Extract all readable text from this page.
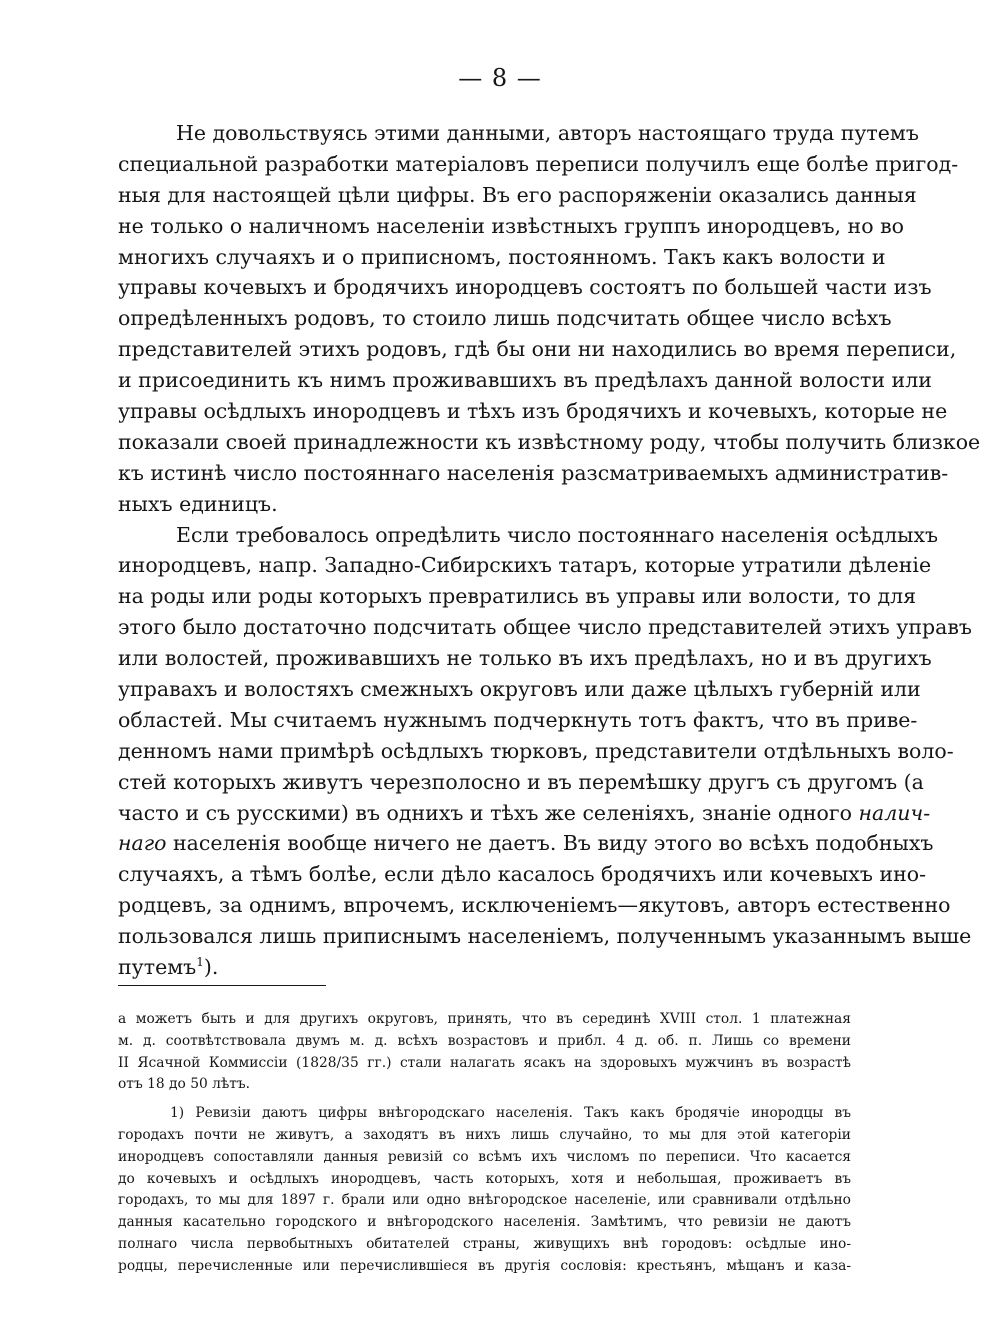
— 8 —
Не довольствуясь этими данными, авторъ настоящаго труда путемъ
специальной разработки матеріаловъ переписи получилъ еще болѣе пригод-
ныя для настоящей цѣли цифры. Въ его распоряженіи оказались данныя
не только о наличномъ населеніи извѣстныхъ группъ инородцевъ, но во
многихъ случаяхъ и о приписномъ, постоянномъ. Такъ какъ волости и
управы кочевыхъ и бродячихъ инородцевъ состоятъ по большей части изъ
опредѣленныхъ родовъ, то стоило лишь подсчитать общее число всѣхъ
представителей этихъ родовъ, гдѣ бы они ни находились во время переписи,
и присоединить къ нимъ проживавшихъ въ предѣлахъ данной волости или
управы осѣдлыхъ инородцевъ и тѣхъ изъ бродячихъ и кочевыхъ, которые не
показали своей принадлежности къ извѣстному роду, чтобы получить близкое
къ истинѣ число постояннаго населенія разсматриваемыхъ административ-
ныхъ единицъ.
Если требовалось опредѣлить число постояннаго населенія осѣдлыхъ
инородцевъ, напр. Западно-Сибирскихъ татаръ, которые утратили дѣленіе
на роды или роды которыхъ превратились въ управы или волости, то для
этого было достаточно подсчитать общее число представителей этихъ управъ
или волостей, проживавшихъ не только въ ихъ предѣлахъ, но и въ другихъ
управахъ и волостяхъ смежныхъ округовъ или даже цѣлыхъ губерній или
областей. Мы считаемъ нужнымъ подчеркнуть тотъ фактъ, что въ приве-
денномъ нами примѣрѣ осѣдлыхъ тюрковъ, представители отдѣльныхъ воло-
стей которыхъ живутъ черезполосно и въ перемѣшку другъ съ другомъ (а
часто и съ русскими) въ однихъ и тѣхъ же селеніяхъ, знаніе одного налич-
наго населенія вообще ничего не даетъ. Въ виду этого во всѣхъ подобныхъ
случаяхъ, а тѣмъ болѣе, если дѣло касалось бродячихъ или кочевыхъ ино-
родцевъ, за однимъ, впрочемъ, исключеніемъ—якутовъ, авторъ естественно
пользовался лишь приписнымъ населеніемъ, полученнымъ указаннымъ выше
путемъ$^1$).
а можетъ быть и для другихъ округовъ, принять, что въ серединѣ XVIII стол. 1 платежная
м. д. соотвѣтствовала двумъ м. д. всѣхъ возрастовъ и прибл. 4 д. об. п. Лишь со времени
II Ясачной Коммиссіи (1828/35 гг.) стали налагать ясакъ на здоровыхъ мужчинъ въ возрастѣ
отъ 18 до 50 лѣтъ.
1) Ревизіи даютъ цифры внѣгородскаго населенія. Такъ какъ бродячіе инородцы въ
городахъ почти не живутъ, а заходятъ въ нихъ лишь случайно, то мы для этой категоріи
инородцевъ сопоставляли данныя ревизій со всѣмъ ихъ числомъ по переписи. Что касается
до кочевыхъ и осѣдлыхъ инородцевъ, часть которыхъ, хотя и небольшая, проживаетъ въ
городахъ, то мы для 1897 г. брали или одно внѣгородское населеніе, или сравнивали отдѣльно
данныя касательно городского и внѣгородского населенія. Замѣтимъ, что ревизіи не даютъ
полнаго числа первобытныхъ обитателей страны, живущихъ внѣ городовъ: осѣдлые ино-
родцы, перечисленные или перечислившіеся въ другія сословія: крестьянъ, мѣщанъ и каза-
